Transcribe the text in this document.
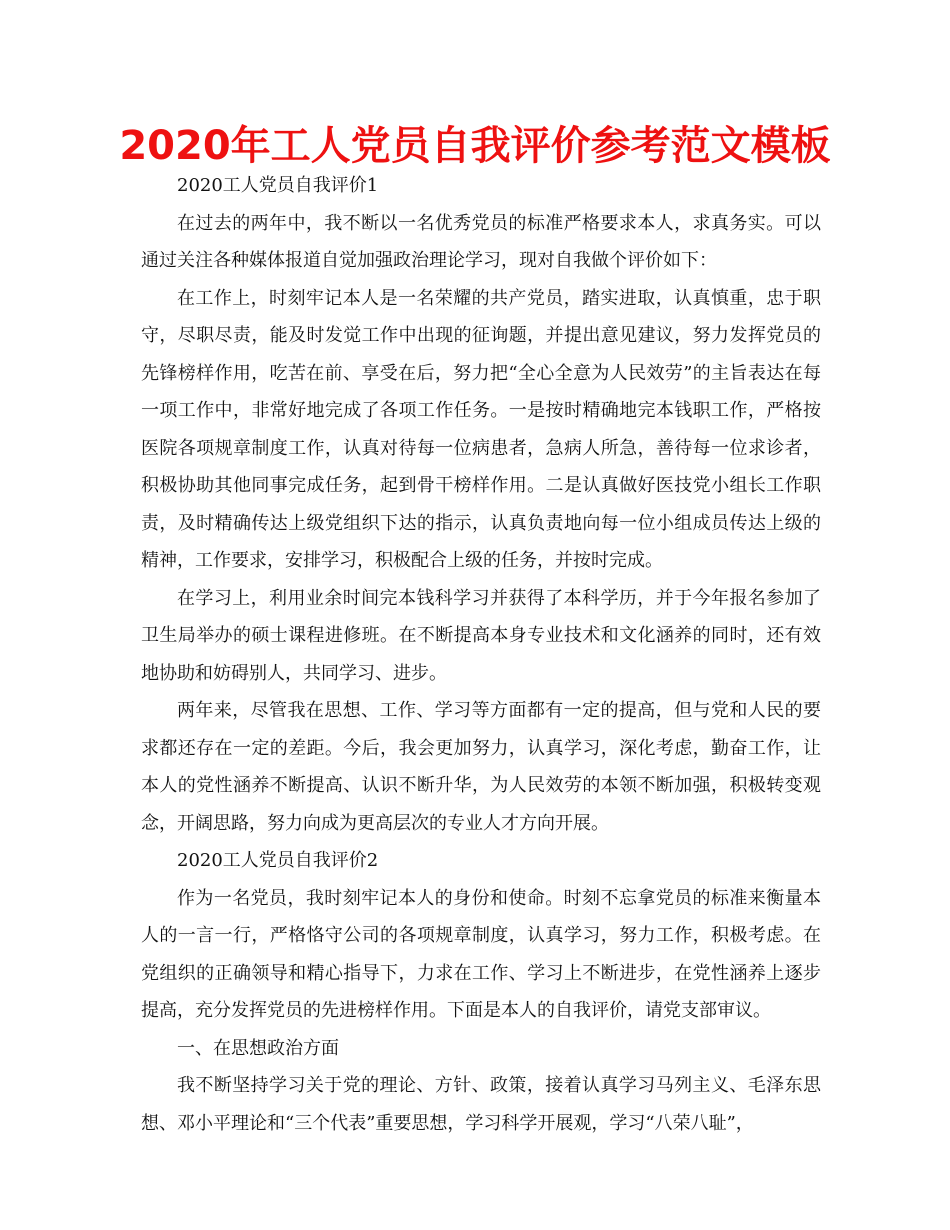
2020年工人党员自我评价参考范文模板

2020工人党员自我评价1

在过去的两年中，我不断以一名优秀党员的标准严格要求本人，求真务实。可以通过关注各种媒体报道自觉加强政治理论学习，现对自我做个评价如下：

在工作上，时刻牢记本人是一名荣耀的共产党员，踏实进取，认真慎重，忠于职守，尽职尽责，能及时发觉工作中出现的征询题，并提出意见建议，努力发挥党员的先锋榜样作用，吃苦在前、享受在后，努力把“全心全意为人民效劳”的主旨表达在每一项工作中，非常好地完成了各项工作任务。一是按时精确地完本钱职工作，严格按医院各项规章制度工作，认真对待每一位病患者，急病人所急，善待每一位求诊者，积极协助其他同事完成任务，起到骨干榜样作用。二是认真做好医技党小组长工作职责，及时精确传达上级党组织下达的指示，认真负责地向每一位小组成员传达上级的精神，工作要求，安排学习，积极配合上级的任务，并按时完成。

在学习上，利用业余时间完本钱科学习并获得了本科学历，并于今年报名参加了卫生局举办的硕士课程进修班。在不断提高本身专业技术和文化涵养的同时，还有效地协助和妨碍别人，共同学习、进步。

两年来，尽管我在思想、工作、学习等方面都有一定的提高，但与党和人民的要求都还存在一定的差距。今后，我会更加努力，认真学习，深化考虑，勤奋工作，让本人的党性涵养不断提高、认识不断升华，为人民效劳的本领不断加强，积极转变观念，开阔思路，努力向成为更高层次的专业人才方向开展。

2020工人党员自我评价2

作为一名党员，我时刻牢记本人的身份和使命。时刻不忘拿党员的标准来衡量本人的一言一行，严格恪守公司的各项规章制度，认真学习，努力工作，积极考虑。在党组织的正确领导和精心指导下，力求在工作、学习上不断进步，在党性涵养上逐步提高，充分发挥党员的先进榜样作用。下面是本人的自我评价，请党支部审议。

一、在思想政治方面

我不断坚持学习关于党的理论、方针、政策，接着认真学习马列主义、毛泽东思想、邓小平理论和“三个代表”重要思想，学习科学开展观，学习“八荣八耻”，
